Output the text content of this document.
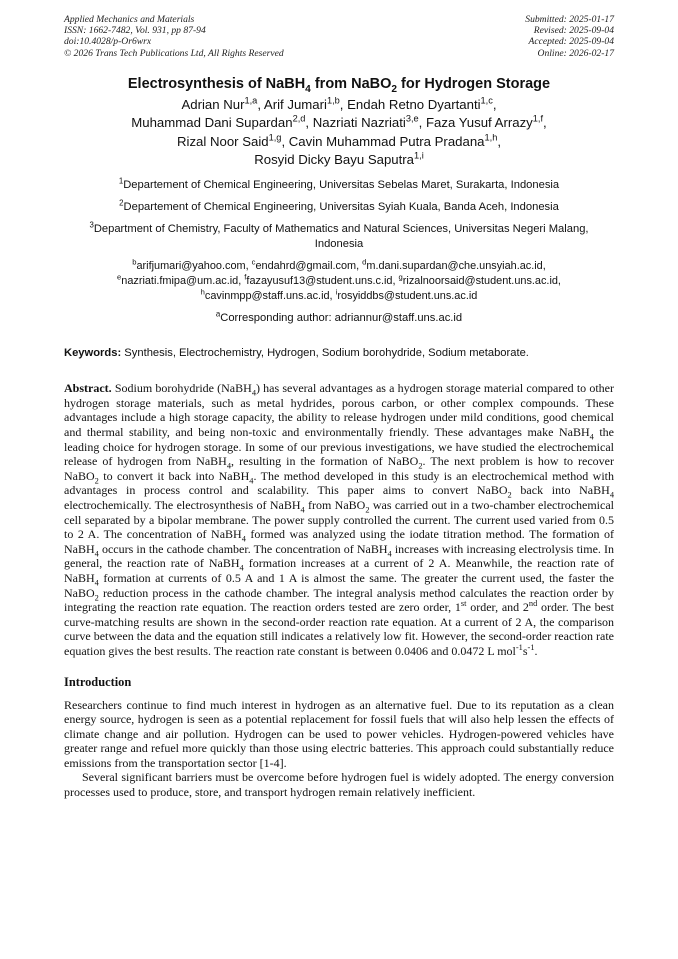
Applied Mechanics and Materials
ISSN: 1662-7482, Vol. 931, pp 87-94
doi:10.4028/p-Or6wrx
© 2026 Trans Tech Publications Ltd, All Rights Reserved
Submitted: 2025-01-17
Revised: 2025-09-04
Accepted: 2025-09-04
Online: 2026-02-17
Electrosynthesis of NaBH$_4$ from NaBO$_2$ for Hydrogen Storage
Adrian Nur$^{1,a}$, Arif Jumari$^{1,b}$, Endah Retno Dyartanti$^{1,c}$,
Muhammad Dani Supardan$^{2,d}$, Nazriati Nazriati$^{3,e}$, Faza Yusuf Arrazy$^{1,f}$,
Rizal Noor Said$^{1,g}$, Cavin Muhammad Putra Pradana$^{1,h}$,
Rosyid Dicky Bayu Saputra$^{1,i}$
$^1$Departement of Chemical Engineering, Universitas Sebelas Maret, Surakarta, Indonesia
$^2$Departement of Chemical Engineering, Universitas Syiah Kuala, Banda Aceh, Indonesia
$^3$Department of Chemistry, Faculty of Mathematics and Natural Sciences, Universitas Negeri Malang, Indonesia
$^b$arifjumari@yahoo.com, $^c$endahrd@gmail.com, $^d$m.dani.supardan@che.unsyiah.ac.id,
$^e$nazriati.fmipa@um.ac.id, $^f$fazayusuf13@student.uns.c.id, $^g$rizalnoorsaid@student.uns.ac.id,
$^h$cavinmpp@staff.uns.ac.id, $^i$rosyiddbs@student.uns.ac.id
$^a$Corresponding author: adriannur@staff.uns.ac.id
Keywords: Synthesis, Electrochemistry, Hydrogen, Sodium borohydride, Sodium metaborate.
Abstract. Sodium borohydride (NaBH$_4$) has several advantages as a hydrogen storage material compared to other hydrogen storage materials, such as metal hydrides, porous carbon, or other complex compounds. These advantages include a high storage capacity, the ability to release hydrogen under mild conditions, good chemical and thermal stability, and being non-toxic and environmentally friendly. These advantages make NaBH$_4$ the leading choice for hydrogen storage. In some of our previous investigations, we have studied the electrochemical release of hydrogen from NaBH$_4$, resulting in the formation of NaBO$_2$. The next problem is how to recover NaBO$_2$ to convert it back into NaBH$_4$. The method developed in this study is an electrochemical method with advantages in process control and scalability. This paper aims to convert NaBO$_2$ back into NaBH$_4$ electrochemically. The electrosynthesis of NaBH$_4$ from NaBO$_2$ was carried out in a two-chamber electrochemical cell separated by a bipolar membrane. The power supply controlled the current. The current used varied from 0.5 to 2 A. The concentration of NaBH$_4$ formed was analyzed using the iodate titration method. The formation of NaBH$_4$ occurs in the cathode chamber. The concentration of NaBH$_4$ increases with increasing electrolysis time. In general, the reaction rate of NaBH$_4$ formation increases at a current of 2 A. Meanwhile, the reaction rate of NaBH$_4$ formation at currents of 0.5 A and 1 A is almost the same. The greater the current used, the faster the NaBO$_2$ reduction process in the cathode chamber. The integral analysis method calculates the reaction order by integrating the reaction rate equation. The reaction orders tested are zero order, 1st order, and 2nd order. The best curve-matching results are shown in the second-order reaction rate equation. At a current of 2 A, the comparison curve between the data and the equation still indicates a relatively low fit. However, the second-order reaction rate equation gives the best results. The reaction rate constant is between 0.0406 and 0.0472 L $mol^{-1}s^{-1}$.
Introduction
Researchers continue to find much interest in hydrogen as an alternative fuel. Due to its reputation as a clean energy source, hydrogen is seen as a potential replacement for fossil fuels that will also help lessen the effects of climate change and air pollution. Hydrogen can be used to power vehicles. Hydrogen-powered vehicles have greater range and refuel more quickly than those using electric batteries. This approach could substantially reduce emissions from the transportation sector [1-4].
Several significant barriers must be overcome before hydrogen fuel is widely adopted. The energy conversion processes used to produce, store, and transport hydrogen remain relatively inefficient.
